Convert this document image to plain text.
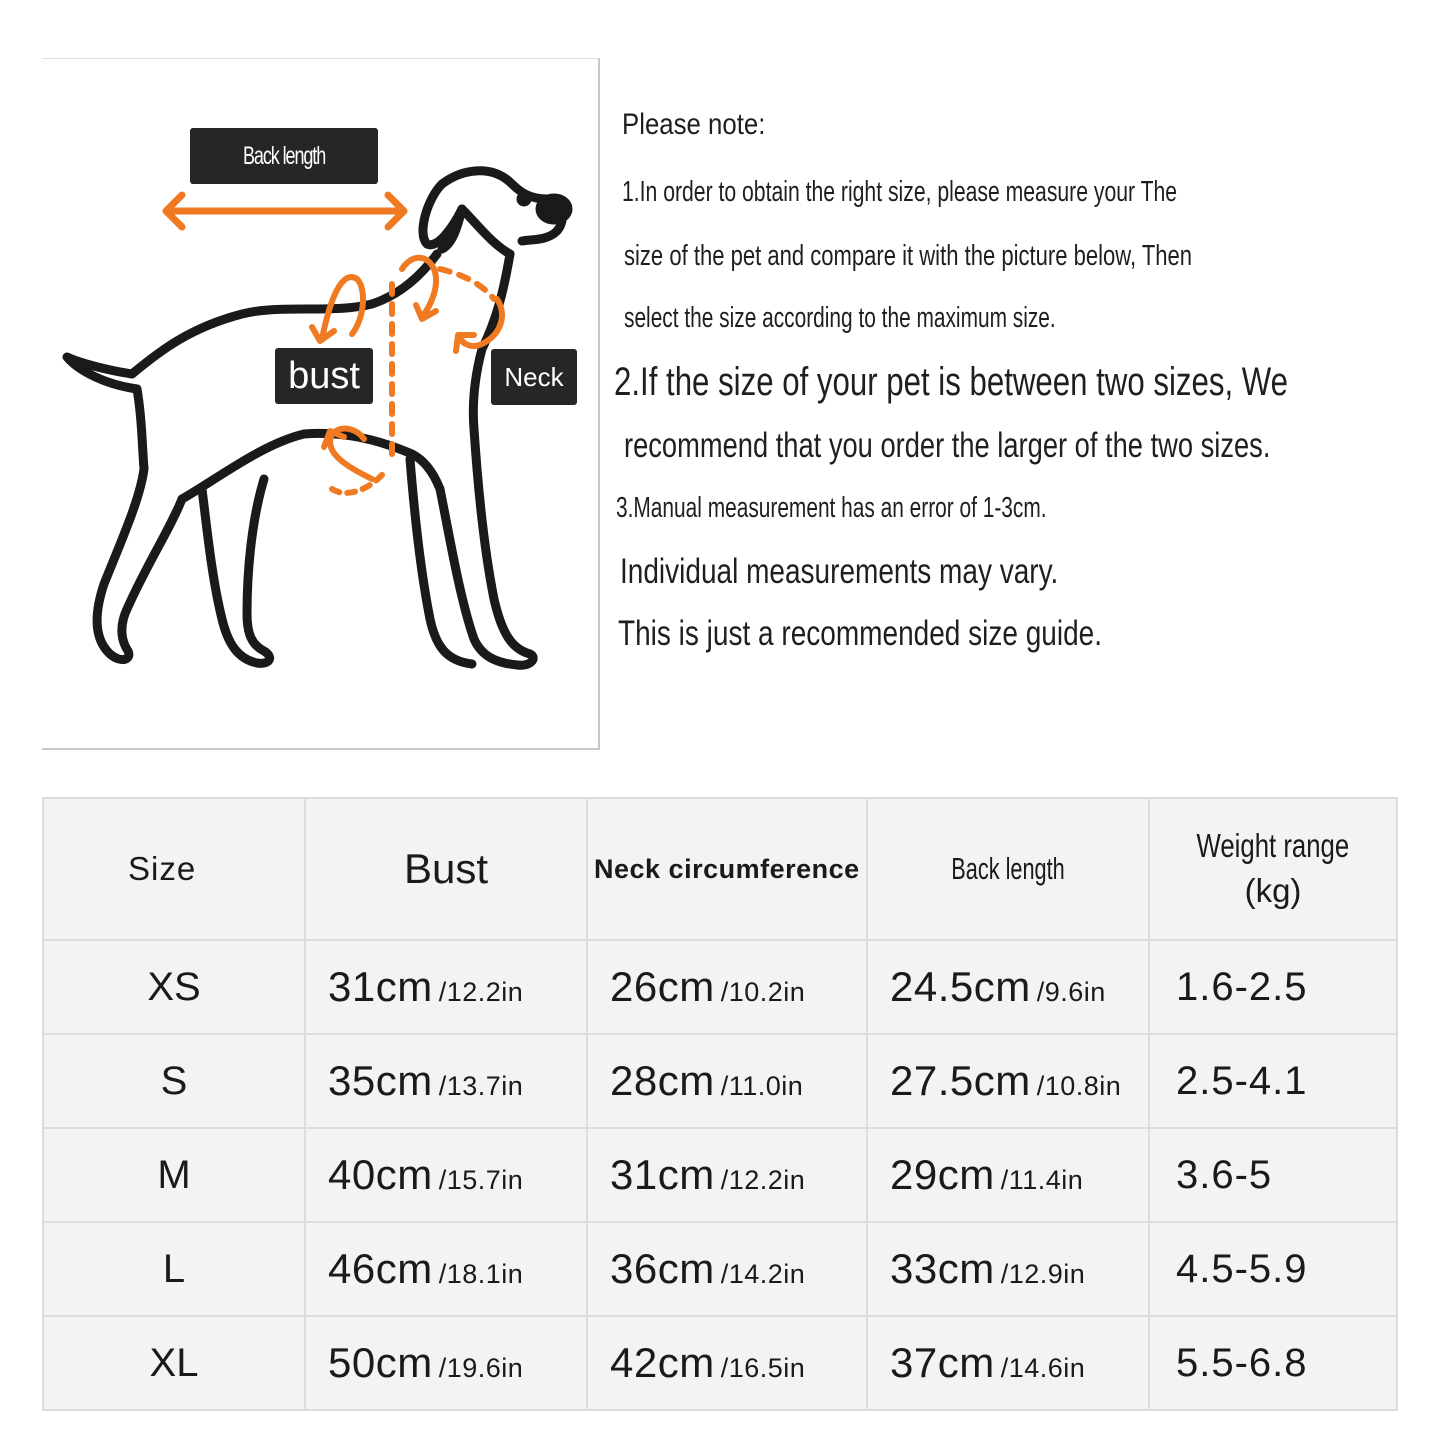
Back length
bust	Neck
Please note:
1.In order to obtain the right size, please measure your The
size of the pet and compare it with the picture below, Then
select the size according to the maximum size.
2.If the size of your pet is between two sizes, We
recommend that you order the larger of the two sizes.
3.Manual measurement has an error of 1-3cm.
Individual measurements may vary.
This is just a recommended size guide.
Size	Bust	Neck circumference	Back length	Weight range
(kg)
XS	31cm /12.2in	26cm /10.2in	24.5cm /9.6in	1.6-2.5
S	35cm /13.7in	28cm /11.0in	27.5cm /10.8in	2.5-4.1
M	40cm /15.7in	31cm /12.2in	29cm /11.4in	3.6-5
L	46cm /18.1in	36cm /14.2in	33cm /12.9in	4.5-5.9
XL	50cm /19.6in	42cm /16.5in	37cm /14.6in	5.5-6.8
